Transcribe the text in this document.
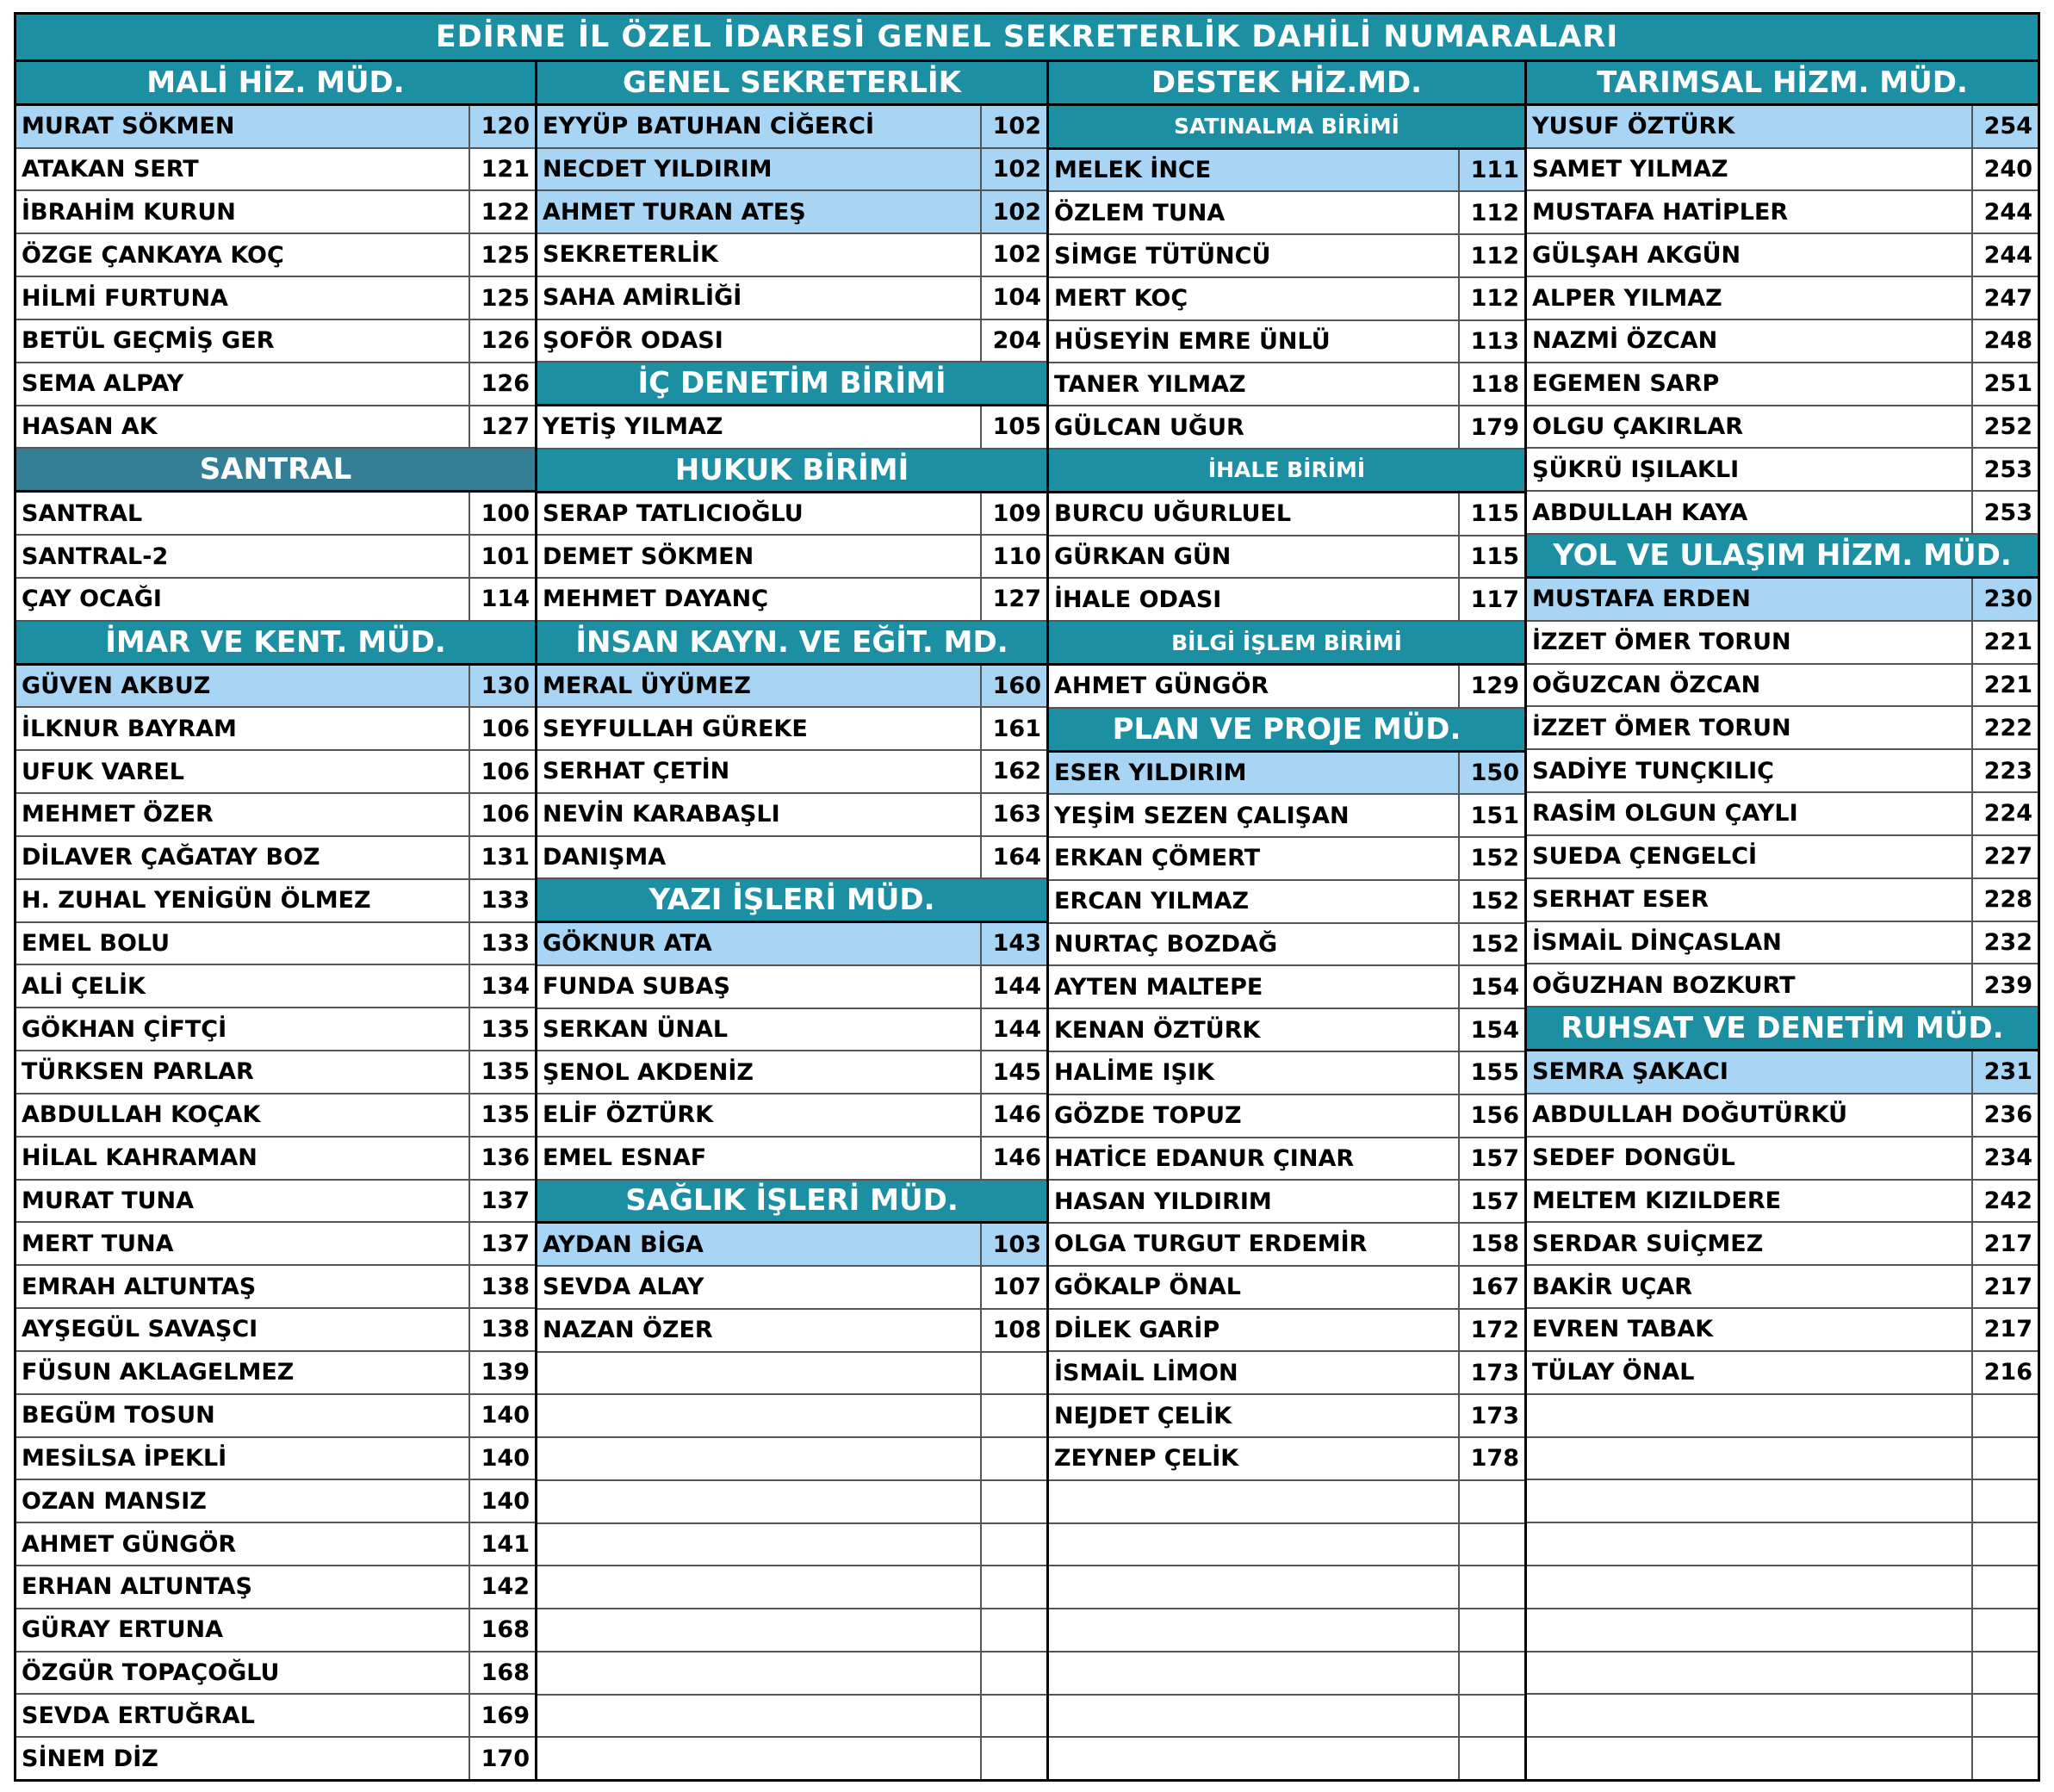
EDİRNE İL ÖZEL İDARESİ GENEL SEKRETERLİK DAHİLİ NUMARALARI
MALİ HİZ. MÜD.
MURAT SÖKMEN	120
ATAKAN SERT	121
İBRAHİM KURUN	122
ÖZGE ÇANKAYA KOÇ	125
HİLMİ FURTUNA	125
BETÜL GEÇMİŞ GER	126
SEMA ALPAY	126
HASAN AK	127
SANTRAL
SANTRAL	100
SANTRAL-2	101
ÇAY OCAĞI	114
İMAR VE KENT. MÜD.
GÜVEN AKBUZ	130
İLKNUR BAYRAM	106
UFUK VAREL	106
MEHMET ÖZER	106
DİLAVER ÇAĞATAY BOZ	131
H. ZUHAL YENİGÜN ÖLMEZ	133
EMEL BOLU	133
ALİ ÇELİK	134
GÖKHAN ÇİFTÇİ	135
TÜRKSEN PARLAR	135
ABDULLAH KOÇAK	135
HİLAL KAHRAMAN	136
MURAT TUNA	137
MERT TUNA	137
EMRAH ALTUNTAŞ	138
AYŞEGÜL SAVAŞCI	138
FÜSUN AKLAGELMEZ	139
BEGÜM TOSUN	140
MESİLSA İPEKLİ	140
OZAN MANSIZ	140
AHMET GÜNGÖR	141
ERHAN ALTUNTAŞ	142
GÜRAY ERTUNA	168
ÖZGÜR TOPAÇOĞLU	168
SEVDA ERTUĞRAL	169
SİNEM DİZ	170
GENEL SEKRETERLİK
EYYÜP BATUHAN CİĞERCİ	102
NECDET YILDIRIM	102
AHMET TURAN ATEŞ	102
SEKRETERLİK	102
SAHA AMİRLİĞİ	104
ŞOFÖR ODASI	204
İÇ DENETİM BİRİMİ
YETİŞ YILMAZ	105
HUKUK BİRİMİ
SERAP TATLICIOĞLU	109
DEMET SÖKMEN	110
MEHMET DAYANÇ	127
İNSAN KAYN. VE EĞİT. MD.
MERAL ÜYÜMEZ	160
SEYFULLAH GÜREKE	161
SERHAT ÇETİN	162
NEVİN KARABAŞLI	163
DANIŞMA	164
YAZI İŞLERİ MÜD.
GÖKNUR ATA	143
FUNDA SUBAŞ	144
SERKAN ÜNAL	144
ŞENOL AKDENİZ	145
ELİF ÖZTÜRK	146
EMEL ESNAF	146
SAĞLIK İŞLERİ MÜD.
AYDAN BİGA	103
SEVDA ALAY	107
NAZAN ÖZER	108
DESTEK HİZ.MD.
SATINALMA BİRİMİ
MELEK İNCE	111
ÖZLEM TUNA	112
SİMGE TÜTÜNCÜ	112
MERT KOÇ	112
HÜSEYİN EMRE ÜNLÜ	113
TANER YILMAZ	118
GÜLCAN UĞUR	179
İHALE BİRİMİ
BURCU UĞURLUEL	115
GÜRKAN GÜN	115
İHALE ODASI	117
BİLGİ İŞLEM BİRİMİ
AHMET GÜNGÖR	129
PLAN VE PROJE MÜD.
ESER YILDIRIM	150
YEŞİM SEZEN ÇALIŞAN	151
ERKAN ÇÖMERT	152
ERCAN YILMAZ	152
NURTAÇ BOZDAĞ	152
AYTEN MALTEPE	154
KENAN ÖZTÜRK	154
HALİME IŞIK	155
GÖZDE TOPUZ	156
HATİCE EDANUR ÇINAR	157
HASAN YILDIRIM	157
OLGA TURGUT ERDEMİR	158
GÖKALP ÖNAL	167
DİLEK GARİP	172
İSMAİL LİMON	173
NEJDET ÇELİK	173
ZEYNEP ÇELİK	178
TARIMSAL HİZM. MÜD.
YUSUF ÖZTÜRK	254
SAMET YILMAZ	240
MUSTAFA HATİPLER	244
GÜLŞAH AKGÜN	244
ALPER YILMAZ	247
NAZMİ ÖZCAN	248
EGEMEN SARP	251
OLGU ÇAKIRLAR	252
ŞÜKRÜ IŞILAKLI	253
ABDULLAH KAYA	253
YOL VE ULAŞIM HİZM. MÜD.
MUSTAFA ERDEN	230
İZZET ÖMER TORUN	221
OĞUZCAN ÖZCAN	221
İZZET ÖMER TORUN	222
SADİYE TUNÇKILIÇ	223
RASİM OLGUN ÇAYLI	224
SUEDA ÇENGELCİ	227
SERHAT ESER	228
İSMAİL DİNÇASLAN	232
OĞUZHAN BOZKURT	239
RUHSAT VE DENETİM MÜD.
SEMRA ŞAKACI	231
ABDULLAH DOĞUTÜRKÜ	236
SEDEF DONGÜL	234
MELTEM KIZILDERE	242
SERDAR SUİÇMEZ	217
BAKİR UÇAR	217
EVREN TABAK	217
TÜLAY ÖNAL	216
